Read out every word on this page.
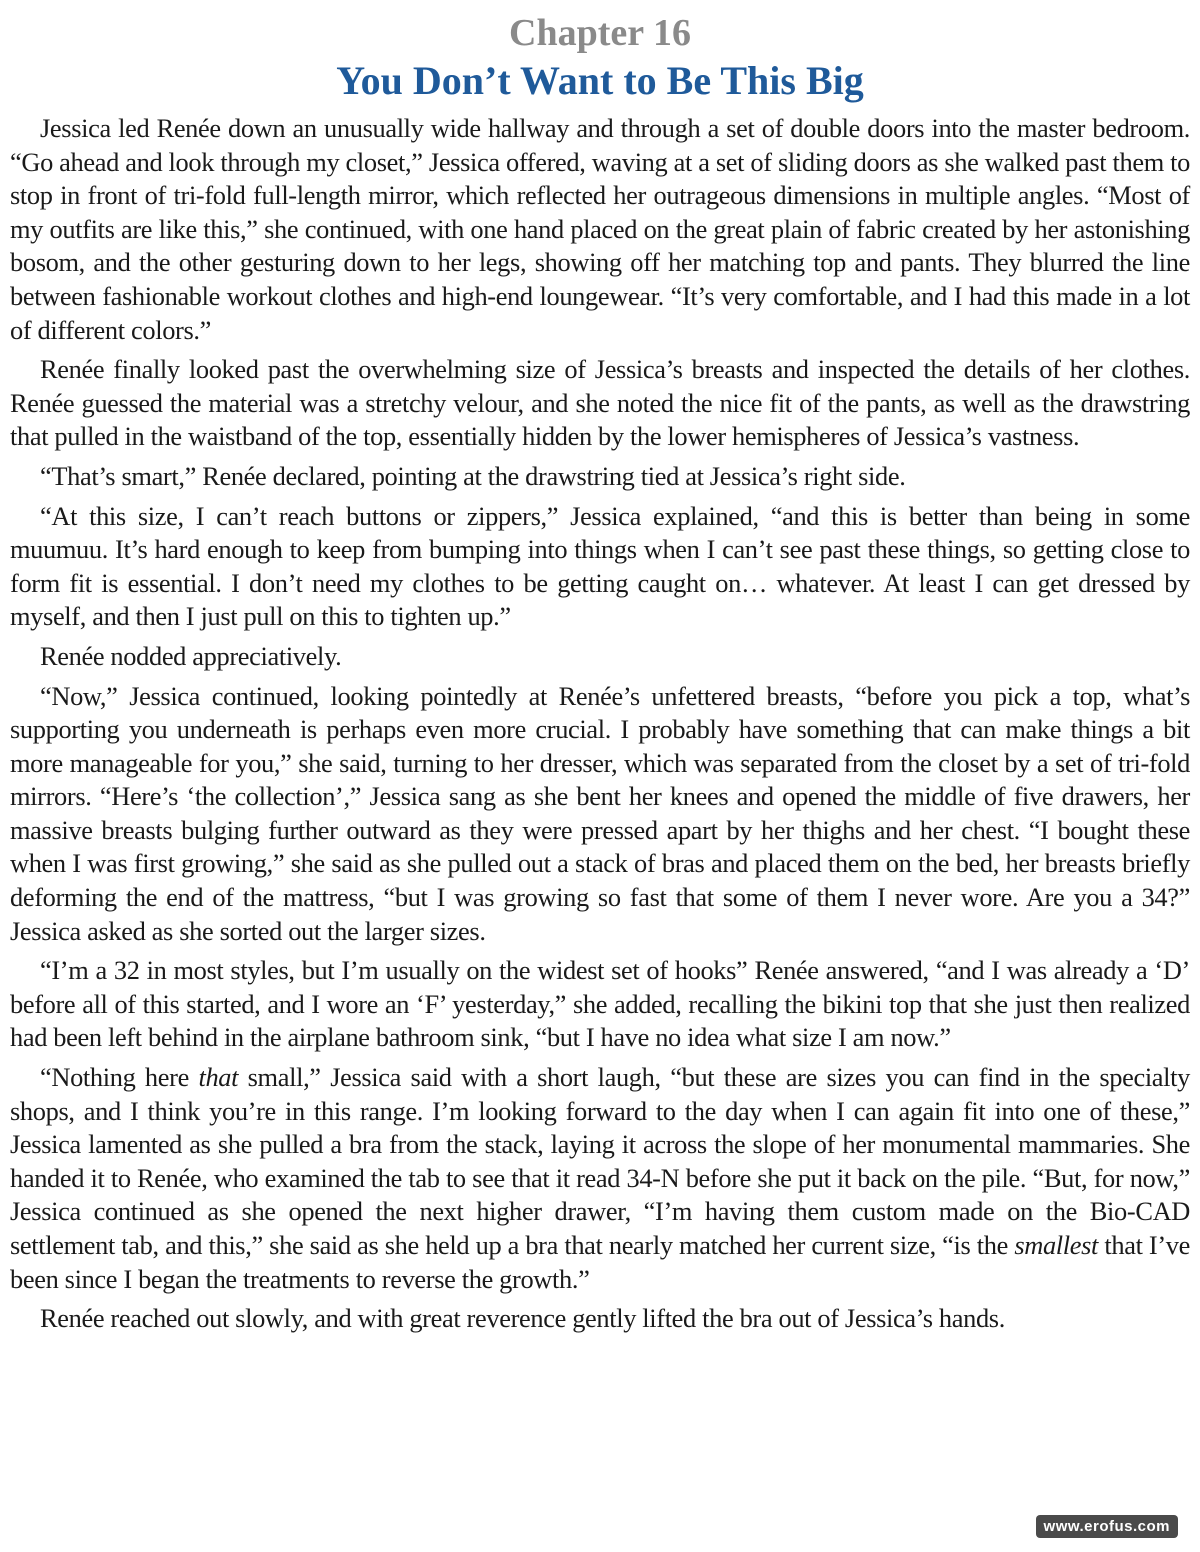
Chapter 16
You Don’t Want to Be This Big

Jessica led Renée down an unusually wide hallway and through a set of double doors into the master bedroom. “Go ahead and look through my closet,” Jessica offered, waving at a set of sliding doors as she walked past them to stop in front of tri-fold full-length mirror, which reflected her outrageous dimensions in multiple angles. “Most of my outfits are like this,” she continued, with one hand placed on the great plain of fabric created by her astonishing bosom, and the other gesturing down to her legs, showing off her matching top and pants. They blurred the line between fashionable workout clothes and high-end loungewear. “It’s very comfortable, and I had this made in a lot of different colors.”

Renée finally looked past the overwhelming size of Jessica’s breasts and inspected the details of her clothes. Renée guessed the material was a stretchy velour, and she noted the nice fit of the pants, as well as the drawstring that pulled in the waistband of the top, essentially hidden by the lower hemispheres of Jessica’s vastness.

“That’s smart,” Renée declared, pointing at the drawstring tied at Jessica’s right side.

“At this size, I can’t reach buttons or zippers,” Jessica explained, “and this is better than being in some muumuu. It’s hard enough to keep from bumping into things when I can’t see past these things, so getting close to form fit is essential. I don’t need my clothes to be getting caught on… whatever. At least I can get dressed by myself, and then I just pull on this to tighten up.”

Renée nodded appreciatively.

“Now,” Jessica continued, looking pointedly at Renée’s unfettered breasts, “before you pick a top, what’s supporting you underneath is perhaps even more crucial. I probably have something that can make things a bit more manageable for you,” she said, turning to her dresser, which was separated from the closet by a set of tri-fold mirrors. “Here’s ‘the collection’,” Jessica sang as she bent her knees and opened the middle of five drawers, her massive breasts bulging further outward as they were pressed apart by her thighs and her chest. “I bought these when I was first growing,” she said as she pulled out a stack of bras and placed them on the bed, her breasts briefly deforming the end of the mattress, “but I was growing so fast that some of them I never wore. Are you a 34?” Jessica asked as she sorted out the larger sizes.

“I’m a 32 in most styles, but I’m usually on the widest set of hooks” Renée answered, “and I was already a ‘D’ before all of this started, and I wore an ‘F’ yesterday,” she added, recalling the bikini top that she just then realized had been left behind in the airplane bathroom sink, “but I have no idea what size I am now.”

“Nothing here that small,” Jessica said with a short laugh, “but these are sizes you can find in the specialty shops, and I think you’re in this range. I’m looking forward to the day when I can again fit into one of these,” Jessica lamented as she pulled a bra from the stack, laying it across the slope of her monumental mammaries. She handed it to Renée, who examined the tab to see that it read 34-N before she put it back on the pile. “But, for now,” Jessica continued as she opened the next higher drawer, “I’m having them custom made on the Bio-CAD settlement tab, and this,” she said as she held up a bra that nearly matched her current size, “is the smallest that I’ve been since I began the treatments to reverse the growth.”

Renée reached out slowly, and with great reverence gently lifted the bra out of Jessica’s hands.

www.erofus.com
